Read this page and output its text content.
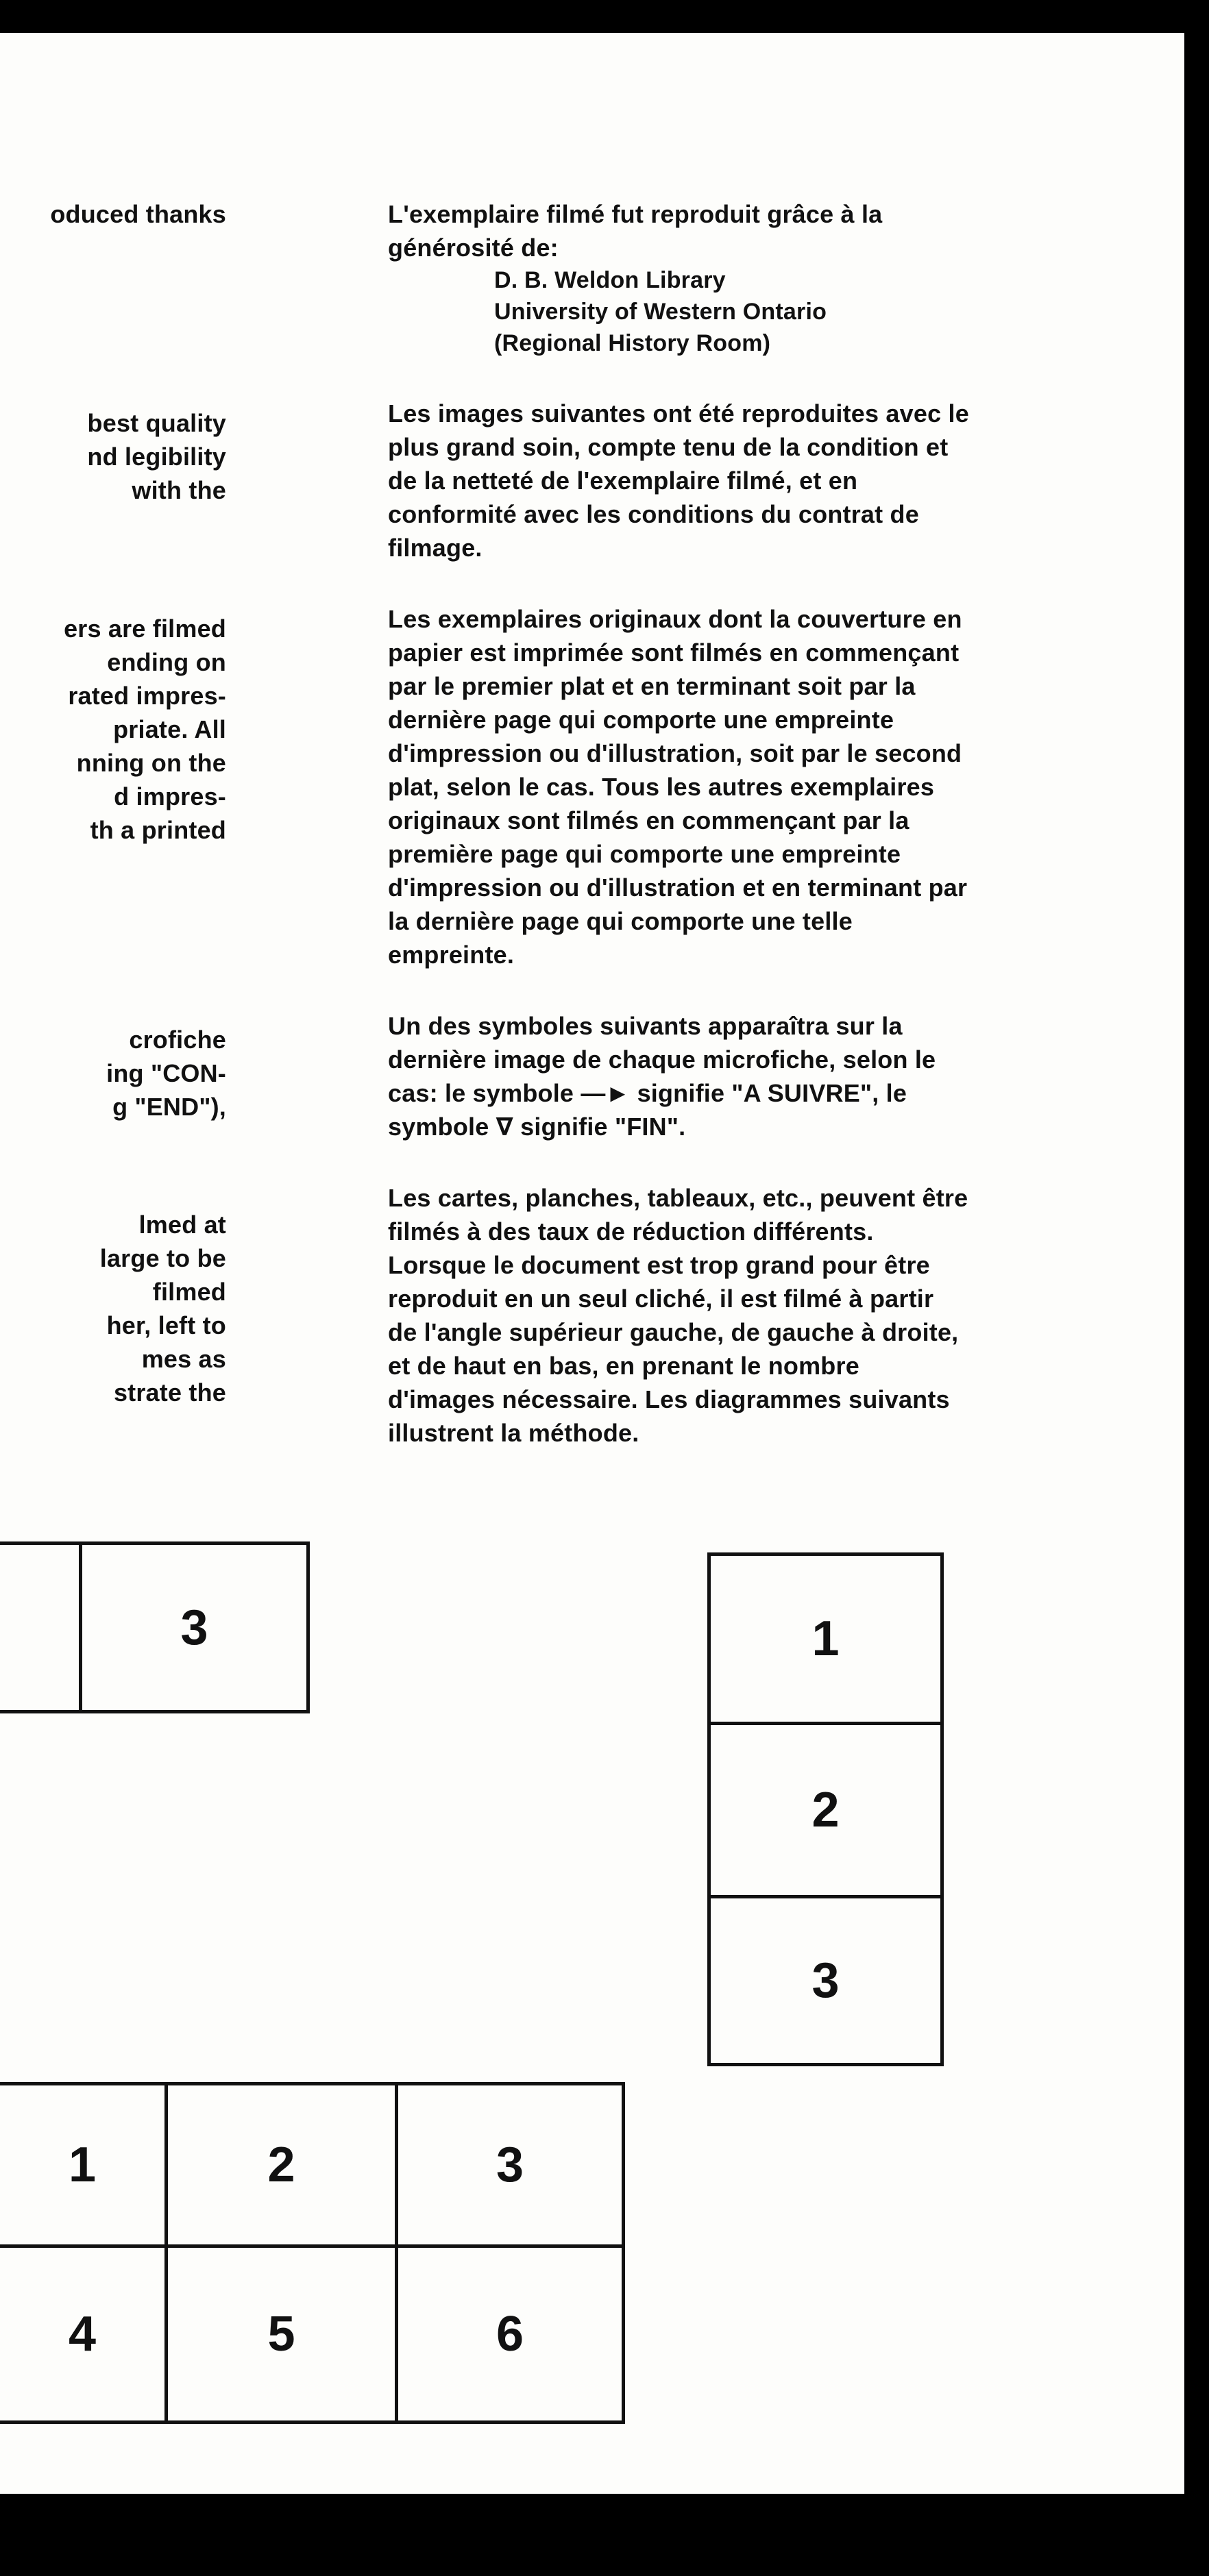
oduced thanks
best quality
nd legibility
with the
ers are filmed
ending on
rated impres-
priate. All
nning on the
d impres-
th a printed
crofiche
ing "CON-
g "END"),
lmed at
large to be
filmed
her, left to
mes as
strate the
L'exemplaire filmé fut reproduit grâce à la
générosité de:
D. B. Weldon Library
University of Western Ontario
(Regional History Room)
Les images suivantes ont été reproduites avec le
plus grand soin, compte tenu de la condition et
de la netteté de l'exemplaire filmé, et en
conformité avec les conditions du contrat de
filmage.
Les exemplaires originaux dont la couverture en
papier est imprimée sont filmés en commençant
par le premier plat et en terminant soit par la
dernière page qui comporte une empreinte
d'impression ou d'illustration, soit par le second
plat, selon le cas. Tous les autres exemplaires
originaux sont filmés en commençant par la
première page qui comporte une empreinte
d'impression ou d'illustration et en terminant par
la dernière page qui comporte une telle
empreinte.
Un des symboles suivants apparaîtra sur la
dernière image de chaque microfiche, selon le
cas: le symbole —► signifie "A SUIVRE", le
symbole ∇ signifie "FIN".
Les cartes, planches, tableaux, etc., peuvent être
filmés à des taux de réduction différents.
Lorsque le document est trop grand pour être
reproduit en un seul cliché, il est filmé à partir
de l'angle supérieur gauche, de gauche à droite,
et de haut en bas, en prenant le nombre
d'images nécessaire. Les diagrammes suivants
illustrent la méthode.
3	1
2
3
1	2	3
4	5	6
